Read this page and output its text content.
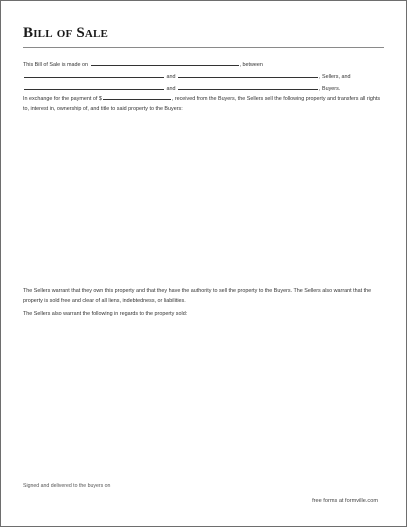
Bill of Sale
This Bill of Sale is made on	, between
and	, Sellers, and
and	, Buyers.
In exchange for the payment of $	, received from the Buyers, the Sellers sell the following property and transfers all rights to, interest in, ownership of, and title to said property to the Buyers:
The Sellers warrant that they own this property and that they have the authority to sell the property to the Buyers. The Sellers also warrant that the property is sold free and clear of all liens, indebtedness, or liabilities.
The Sellers also warrant the following in regards to the property sold:
Signed and delivered to the buyers on
free forms at formville.com
